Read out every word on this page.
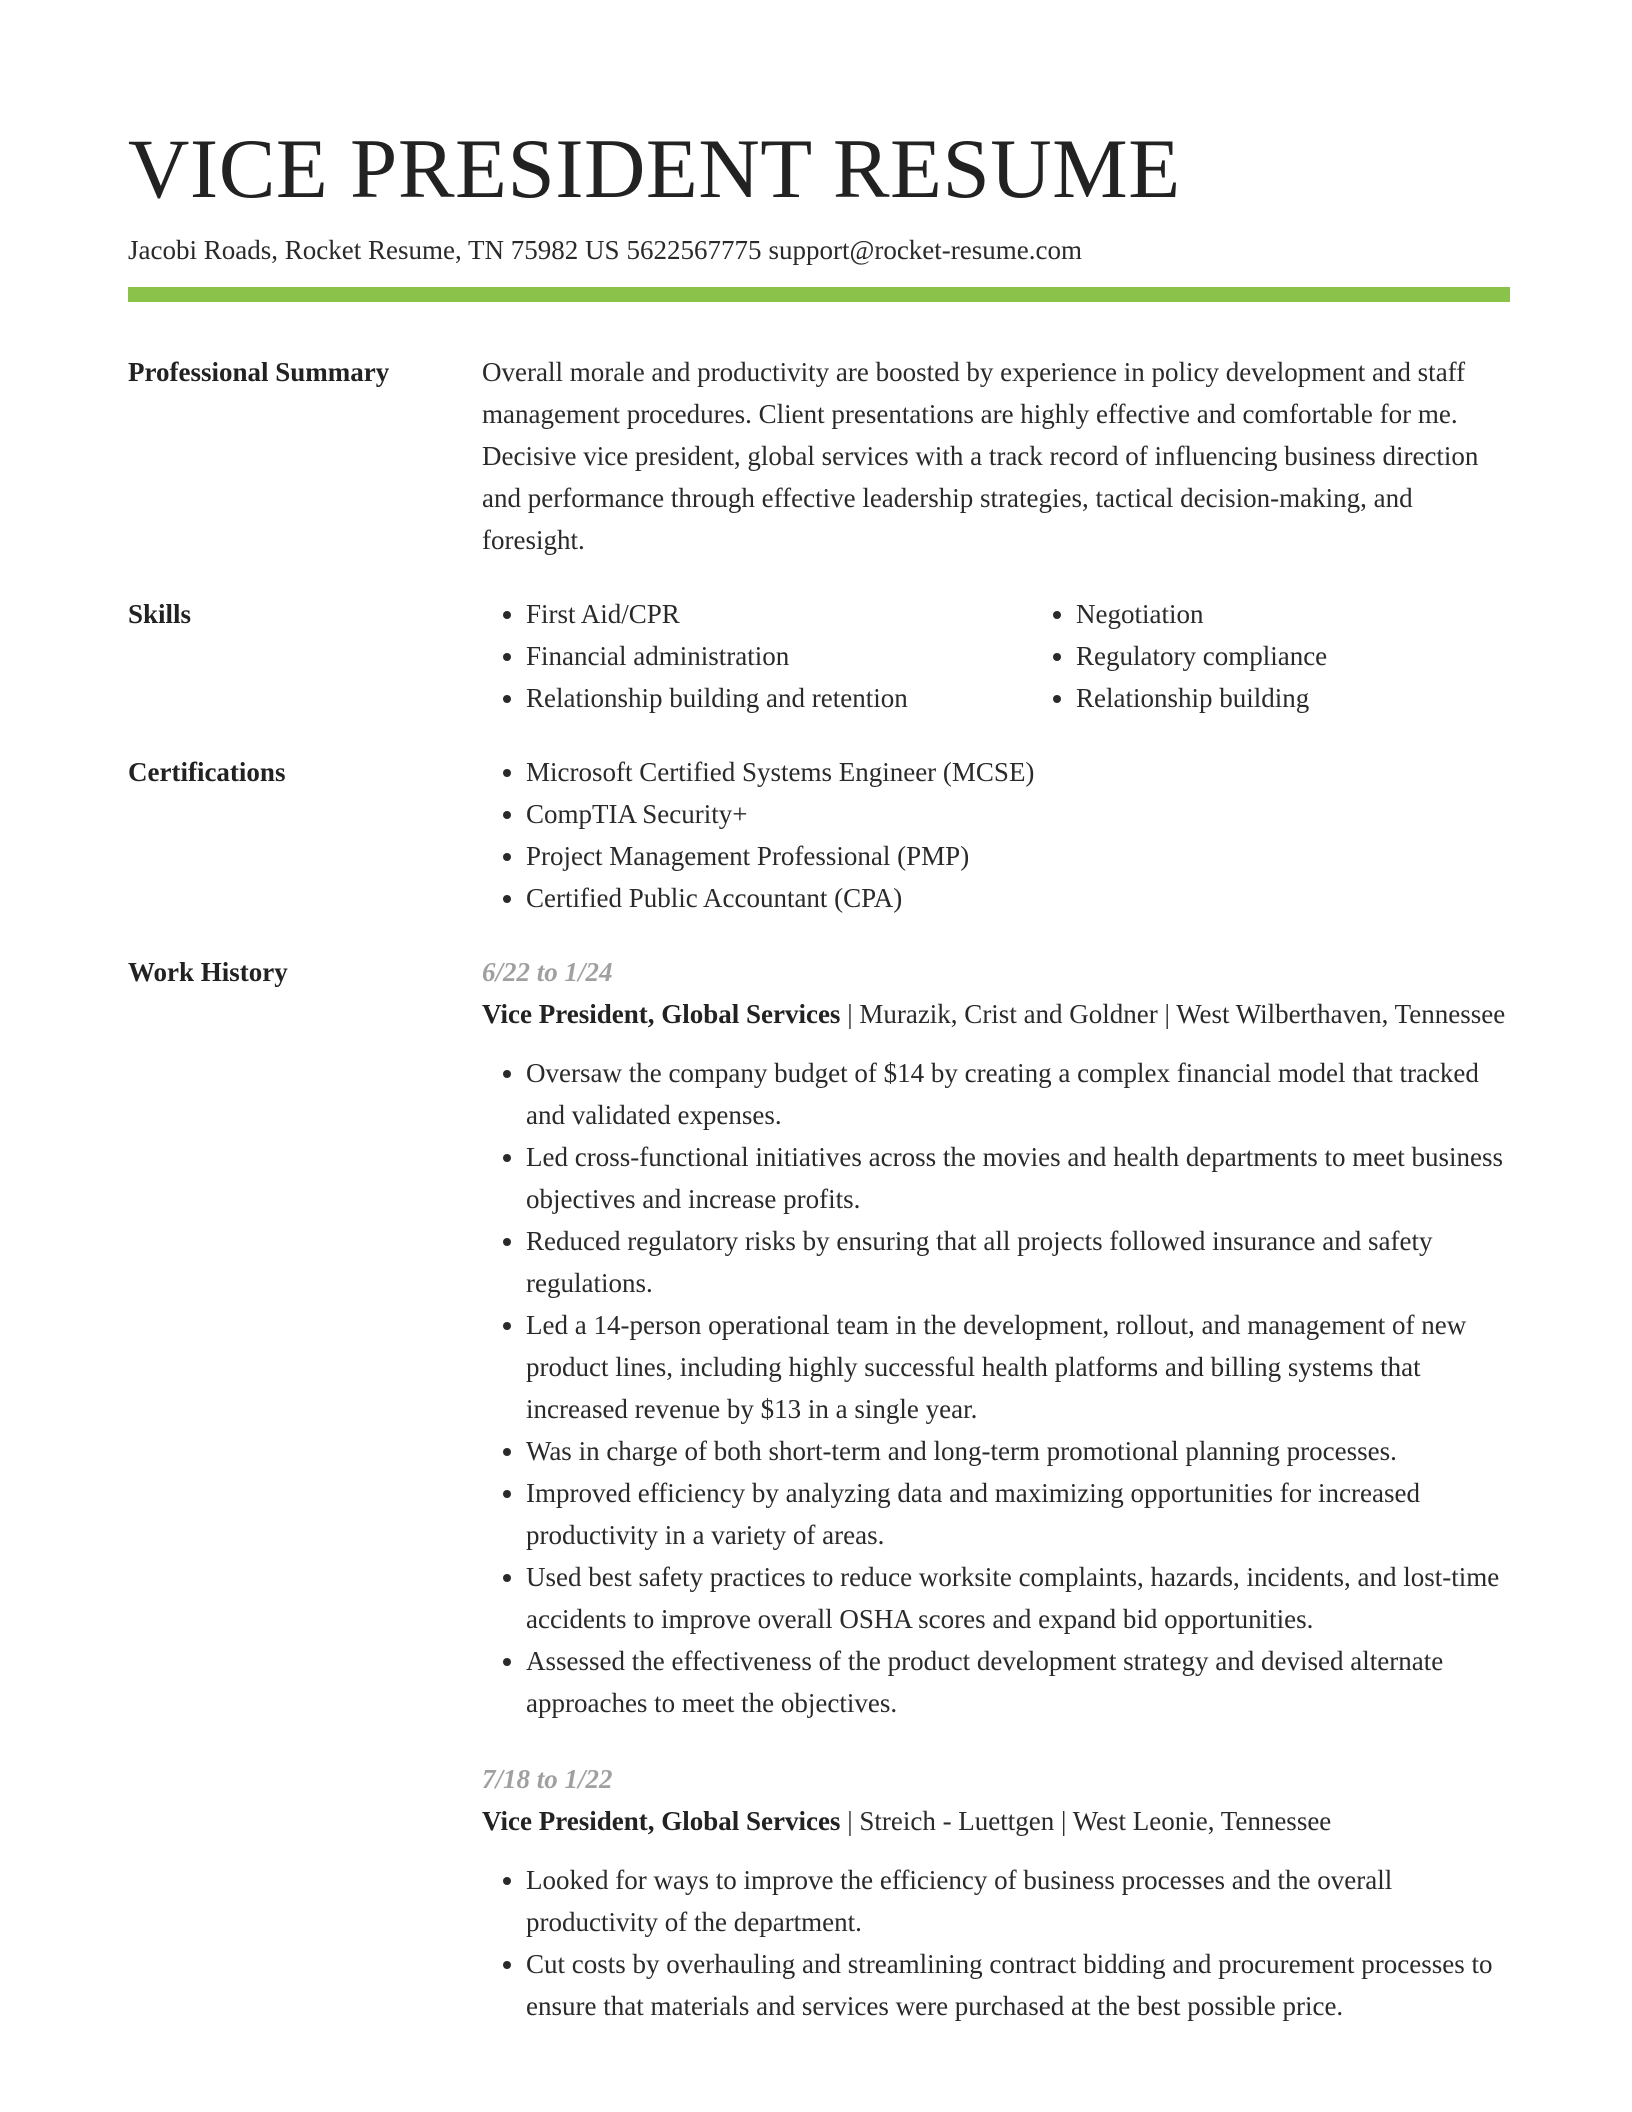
VICE PRESIDENT RESUME
Jacobi Roads, Rocket Resume, TN 75982 US 5622567775 support@rocket-resume.com
Professional Summary	Overall morale and productivity are boosted by experience in policy development and staff management procedures. Client presentations are highly effective and comfortable for me. Decisive vice president, global services with a track record of influencing business direction and performance through effective leadership strategies, tactical decision-making, and foresight.

Skills	• First Aid/CPR
• Financial administration
• Relationship building and retention
• Negotiation
• Regulatory compliance
• Relationship building
Certifications	• Microsoft Certified Systems Engineer (MCSE)
• CompTIA Security+
• Project Management Professional (PMP)
• Certified Public Accountant (CPA)
Work History	6/22 to 1/24
Vice President, Global Services | Murazik, Crist and Goldner | West Wilberthaven, Tennessee
• Oversaw the company budget of $14 by creating a complex financial model that tracked and validated expenses.
• Led cross-functional initiatives across the movies and health departments to meet business objectives and increase profits.
• Reduced regulatory risks by ensuring that all projects followed insurance and safety regulations.
• Led a 14-person operational team in the development, rollout, and management of new product lines, including highly successful health platforms and billing systems that increased revenue by $13 in a single year.
• Was in charge of both short-term and long-term promotional planning processes.
• Improved efficiency by analyzing data and maximizing opportunities for increased productivity in a variety of areas.
• Used best safety practices to reduce worksite complaints, hazards, incidents, and lost-time accidents to improve overall OSHA scores and expand bid opportunities.
• Assessed the effectiveness of the product development strategy and devised alternate approaches to meet the objectives.
7/18 to 1/22
Vice President, Global Services | Streich - Luettgen | West Leonie, Tennessee
• Looked for ways to improve the efficiency of business processes and the overall productivity of the department.
• Cut costs by overhauling and streamlining contract bidding and procurement processes to ensure that materials and services were purchased at the best possible price.
